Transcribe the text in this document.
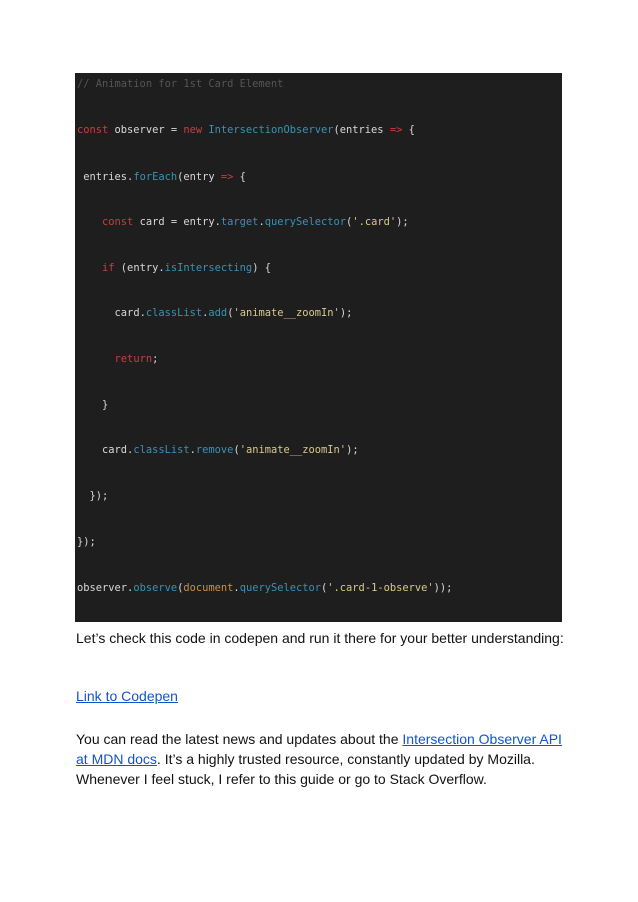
// Animation for 1st Card Element
const observer = new IntersectionObserver(entries => {
entries.forEach(entry => {
const card = entry.target.querySelector('.card');
if (entry.isIntersecting) {
card.classList.add('animate__zoomIn');
return;
}
card.classList.remove('animate__zoomIn');
});
});
observer.observe(document.querySelector('.card-1-observe'));

Let’s check this code in codepen and run it there for your better understanding:

Link to Codepen

You can read the latest news and updates about the Intersection Observer API at MDN docs. It’s a highly trusted resource, constantly updated by Mozilla. Whenever I feel stuck, I refer to this guide or go to Stack Overflow.
